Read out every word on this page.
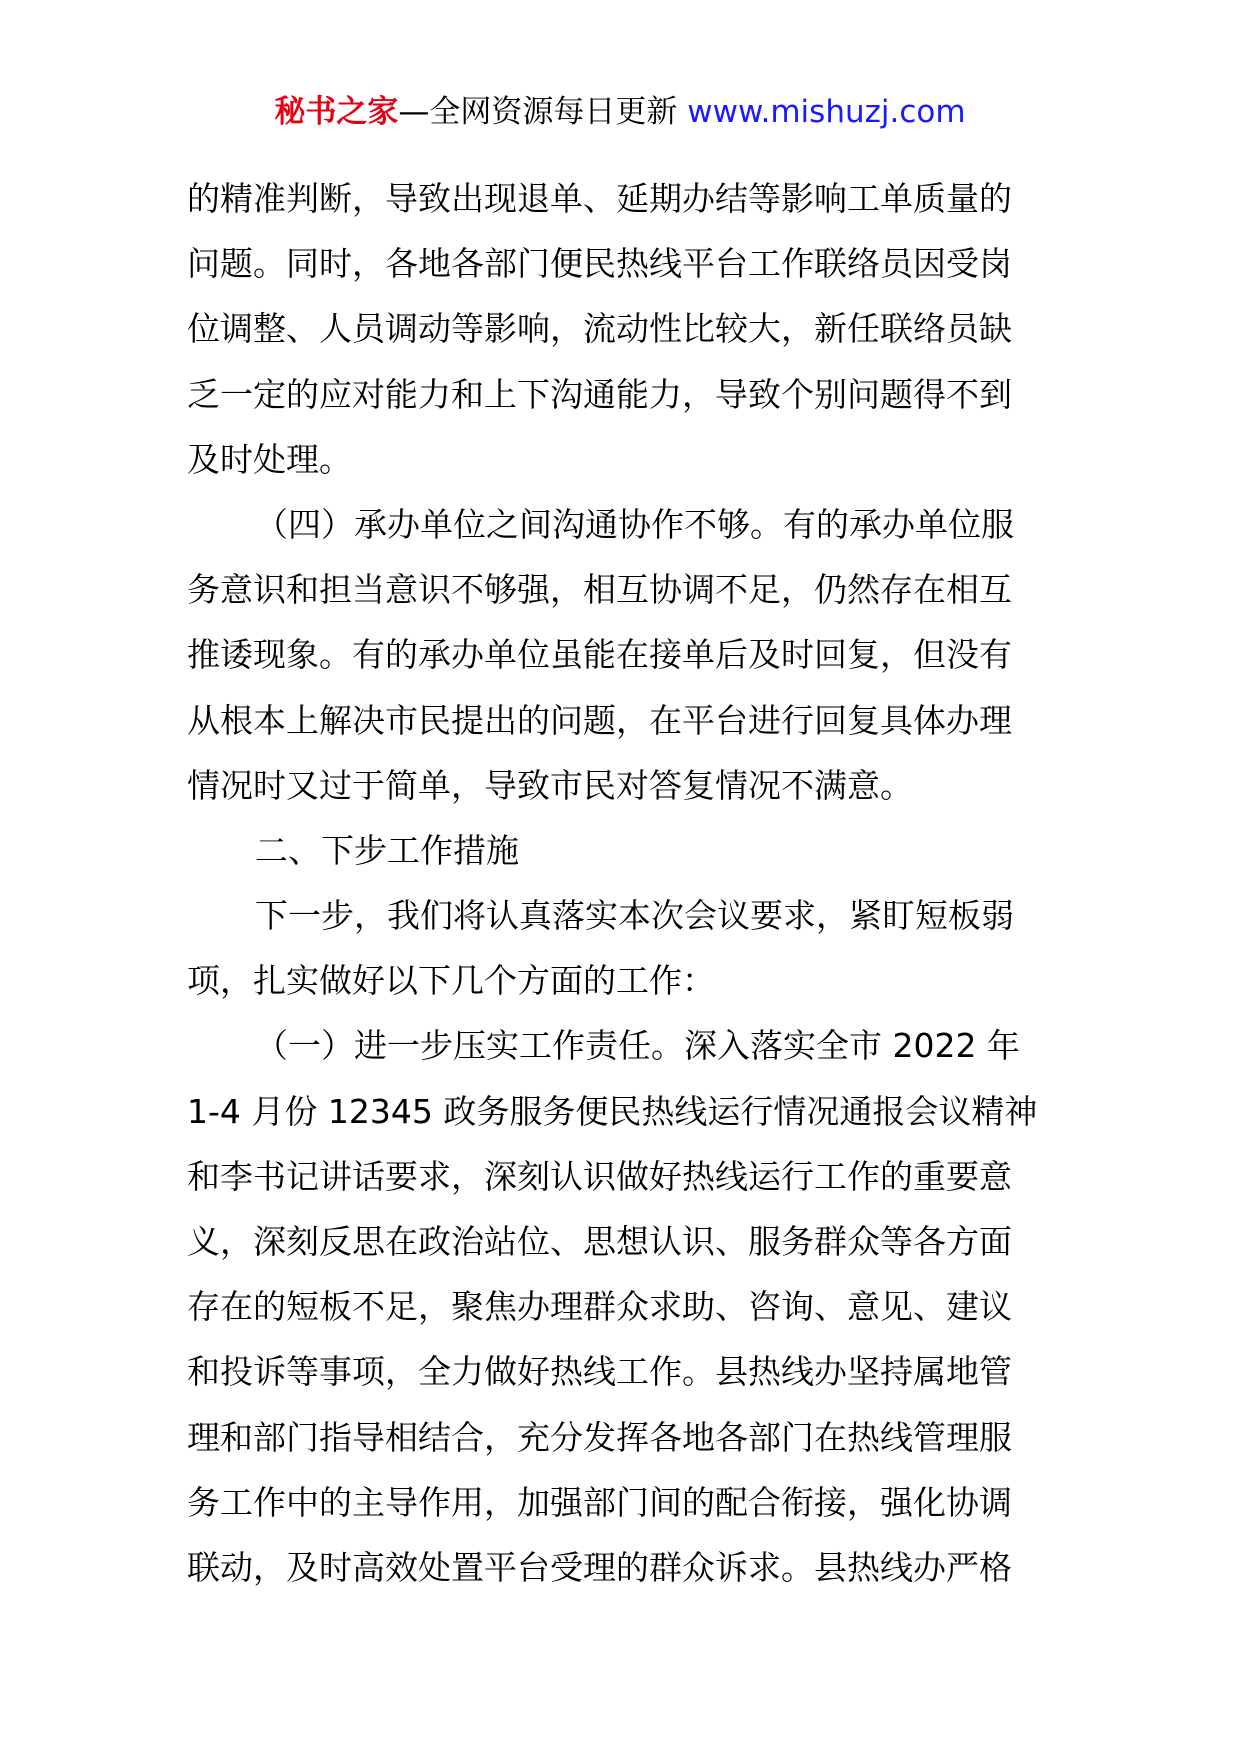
秘书之家—全网资源每日更新 www.mishuzj.com
的精准判断，导致出现退单、延期办结等影响工单质量的
问题。同时，各地各部门便民热线平台工作联络员因受岗
位调整、人员调动等影响，流动性比较大，新任联络员缺
乏一定的应对能力和上下沟通能力，导致个别问题得不到
及时处理。
（四）承办单位之间沟通协作不够。有的承办单位服
务意识和担当意识不够强，相互协调不足，仍然存在相互
推诿现象。有的承办单位虽能在接单后及时回复，但没有
从根本上解决市民提出的问题，在平台进行回复具体办理
情况时又过于简单，导致市民对答复情况不满意。
二、下步工作措施
下一步，我们将认真落实本次会议要求，紧盯短板弱
项，扎实做好以下几个方面的工作：
（一）进一步压实工作责任。深入落实全市 2022 年
1-4 月份 12345 政务服务便民热线运行情况通报会议精神
和李书记讲话要求，深刻认识做好热线运行工作的重要意
义，深刻反思在政治站位、思想认识、服务群众等各方面
存在的短板不足，聚焦办理群众求助、咨询、意见、建议
和投诉等事项，全力做好热线工作。县热线办坚持属地管
理和部门指导相结合，充分发挥各地各部门在热线管理服
务工作中的主导作用，加强部门间的配合衔接，强化协调
联动，及时高效处置平台受理的群众诉求。县热线办严格
